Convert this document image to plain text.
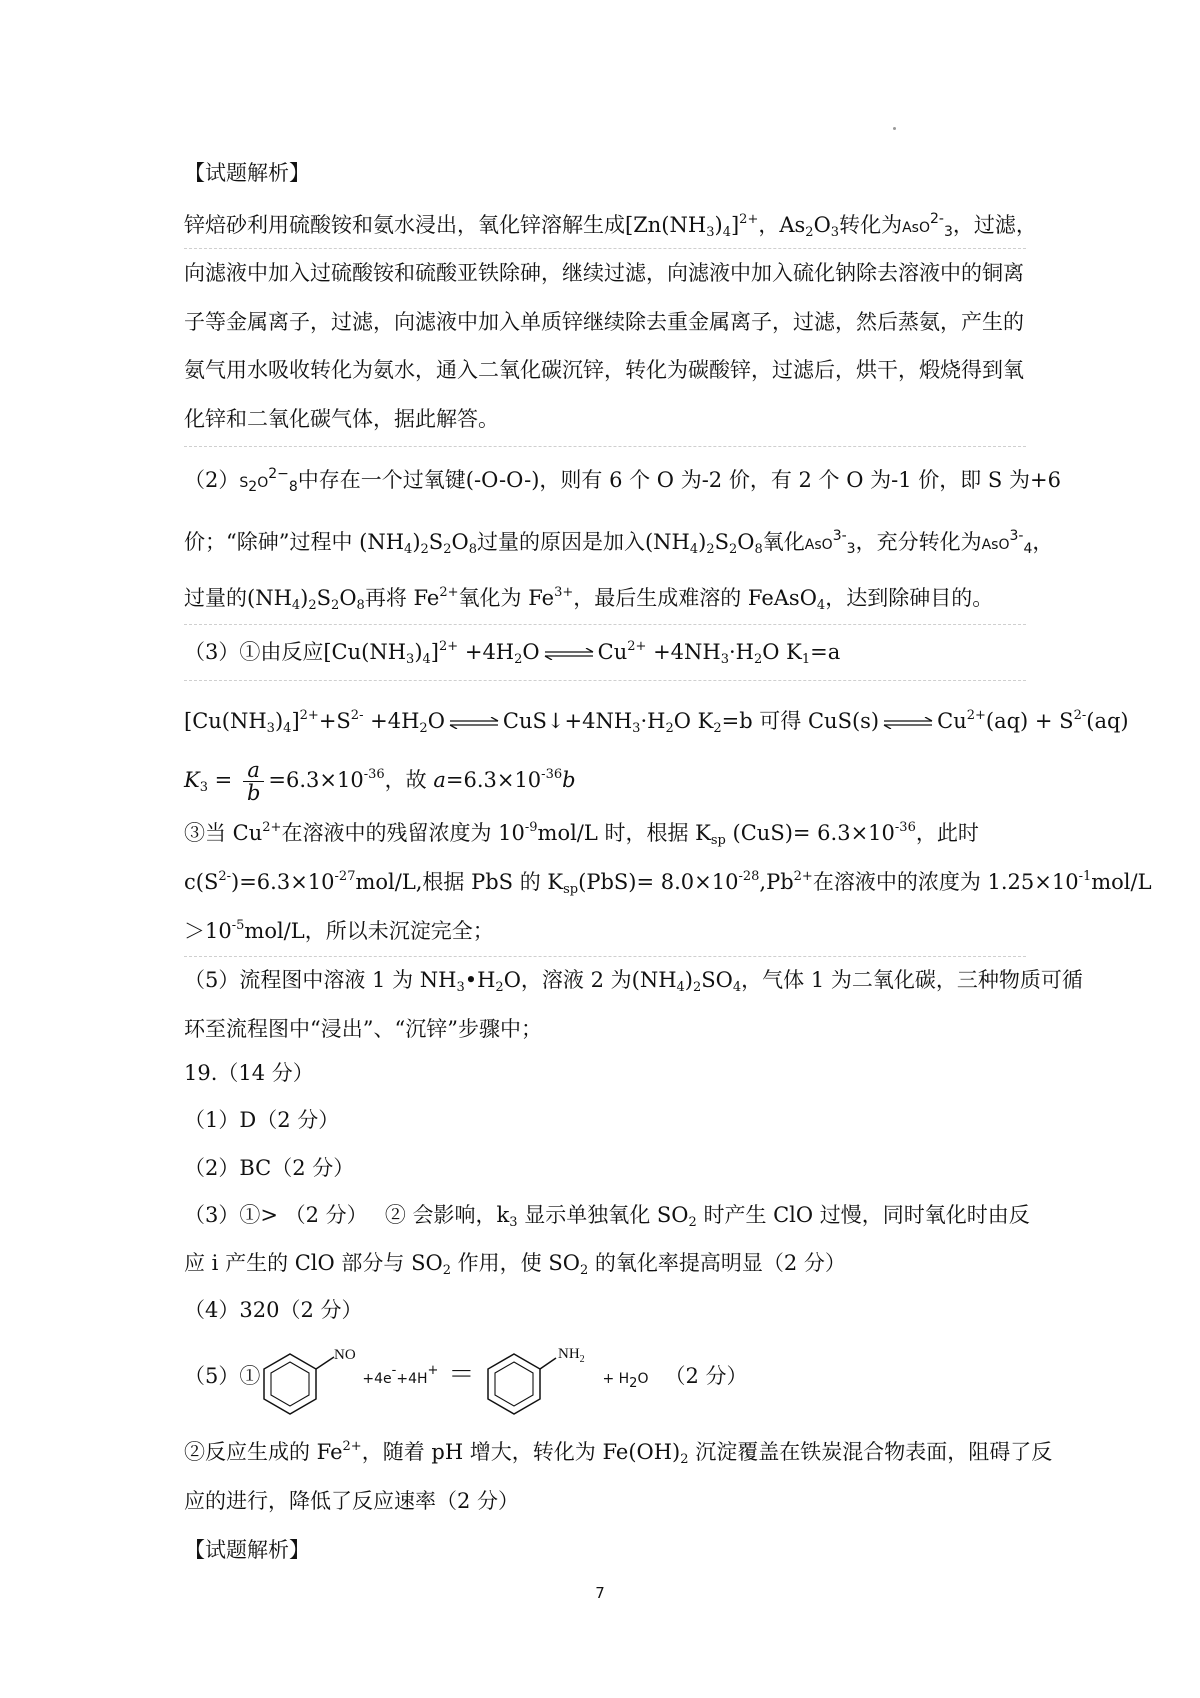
【试题解析】
锌焙砂利用硫酸铵和氨水浸出，氧化锌溶解生成$[Zn(NH_3)_4]^{2+}$，$As_2O_3$转化为AsO$^{2-}_3$，过滤，
向滤液中加入过硫酸铵和硫酸亚铁除砷，继续过滤，向滤液中加入硫化钠除去溶液中的铜离
子等金属离子，过滤，向滤液中加入单质锌继续除去重金属离子，过滤，然后蒸氨，产生的
氨气用水吸收转化为氨水，通入二氧化碳沉锌，转化为碳酸锌，过滤后，烘干，煅烧得到氧
化锌和二氧化碳气体，据此解答。
$(2)S_2O^{2-}_8$中存在一个过氧键(-O-O-)，则有 6 个 O 为-2 价，有 2 个 O 为-1 价，即 S 为+6
价；“除砷”过程中 $(NH_4)_2S_2O_8$过量的原因是加入$(NH_4)_2S_2O_8$氧化AsO$^{3-}_3$，充分转化为AsO$^{3-}_4$，
过量的$(NH_4)_2S_2O_8$再将 $Fe^{2+}$氧化为 $Fe^{3+}$，最后生成难溶的 FeAsO$_4$，达到除砷目的。
（3）①由反应$[Cu(NH_3)_4]^{2+} +4H_2O$ ⇌ $Cu^{2+} +4NH_3\cdot H_2O$ $K_1=a$
$[Cu(NH_3)_4]^{2+}+S^{2-} +4H_2O$ ⇌ $CuS↓+4NH_3\cdot H_2O$ $K_2=b$ 可得 CuS(s) ⇌ $Cu^{2+}(aq) + S^{2-}(aq)$
$K_3 = \frac{a}{b} =6.3\times 10^{-36}$，故 $a=6.3\times 10^{-36}b$
③当 $Cu^{2+}$在溶液中的残留浓度为 $10^{-9}mol/L$ 时，根据 $K_{sp}$ $(CuS)= 6.3\times 10^{-36}$，此时
$c(S^{2-})=6.3\times 10^{-27}mol/L$,根据 PbS 的 $K_{sp}(PbS)= 8.0\times 10^{-28},Pb^{2+}$在溶液中的浓度为 $1.25\times 10^{-1}mol/L$
$>10^{-5}mol/L$，所以未沉淀完全；
（5）流程图中溶液 1 为 $NH_3•H_2O$，溶液 2 为$(NH_4)_2SO_4$，气体 1 为二氧化碳，三种物质可循
环至流程图中“浸出”、“沉锌”步骤中；
19.（14 分）
（1）D（2 分）
（2）BC（2 分）
（3）①> （2 分）　 ② 会影响，$k_3$ 显示单独氧化 $SO_2$ 时产生 ClO 过慢，同时氧化时由反
应 i 产生的 ClO 部分与 $SO_2$ 作用，使 $SO_2$ 的氧化率提高明显（2 分）
（4）320（2 分）
（5）①
NO
+4e-+4H+ ＝
$NH_2$
+ $H_2O$ （2 分）
②反应生成的 $Fe^{2+}$，随着 pH 增大，转化为 $Fe(OH)_2$ 沉淀覆盖在铁炭混合物表面，阻碍了反
应的进行，降低了反应速率（2 分）
【试题解析】
7
